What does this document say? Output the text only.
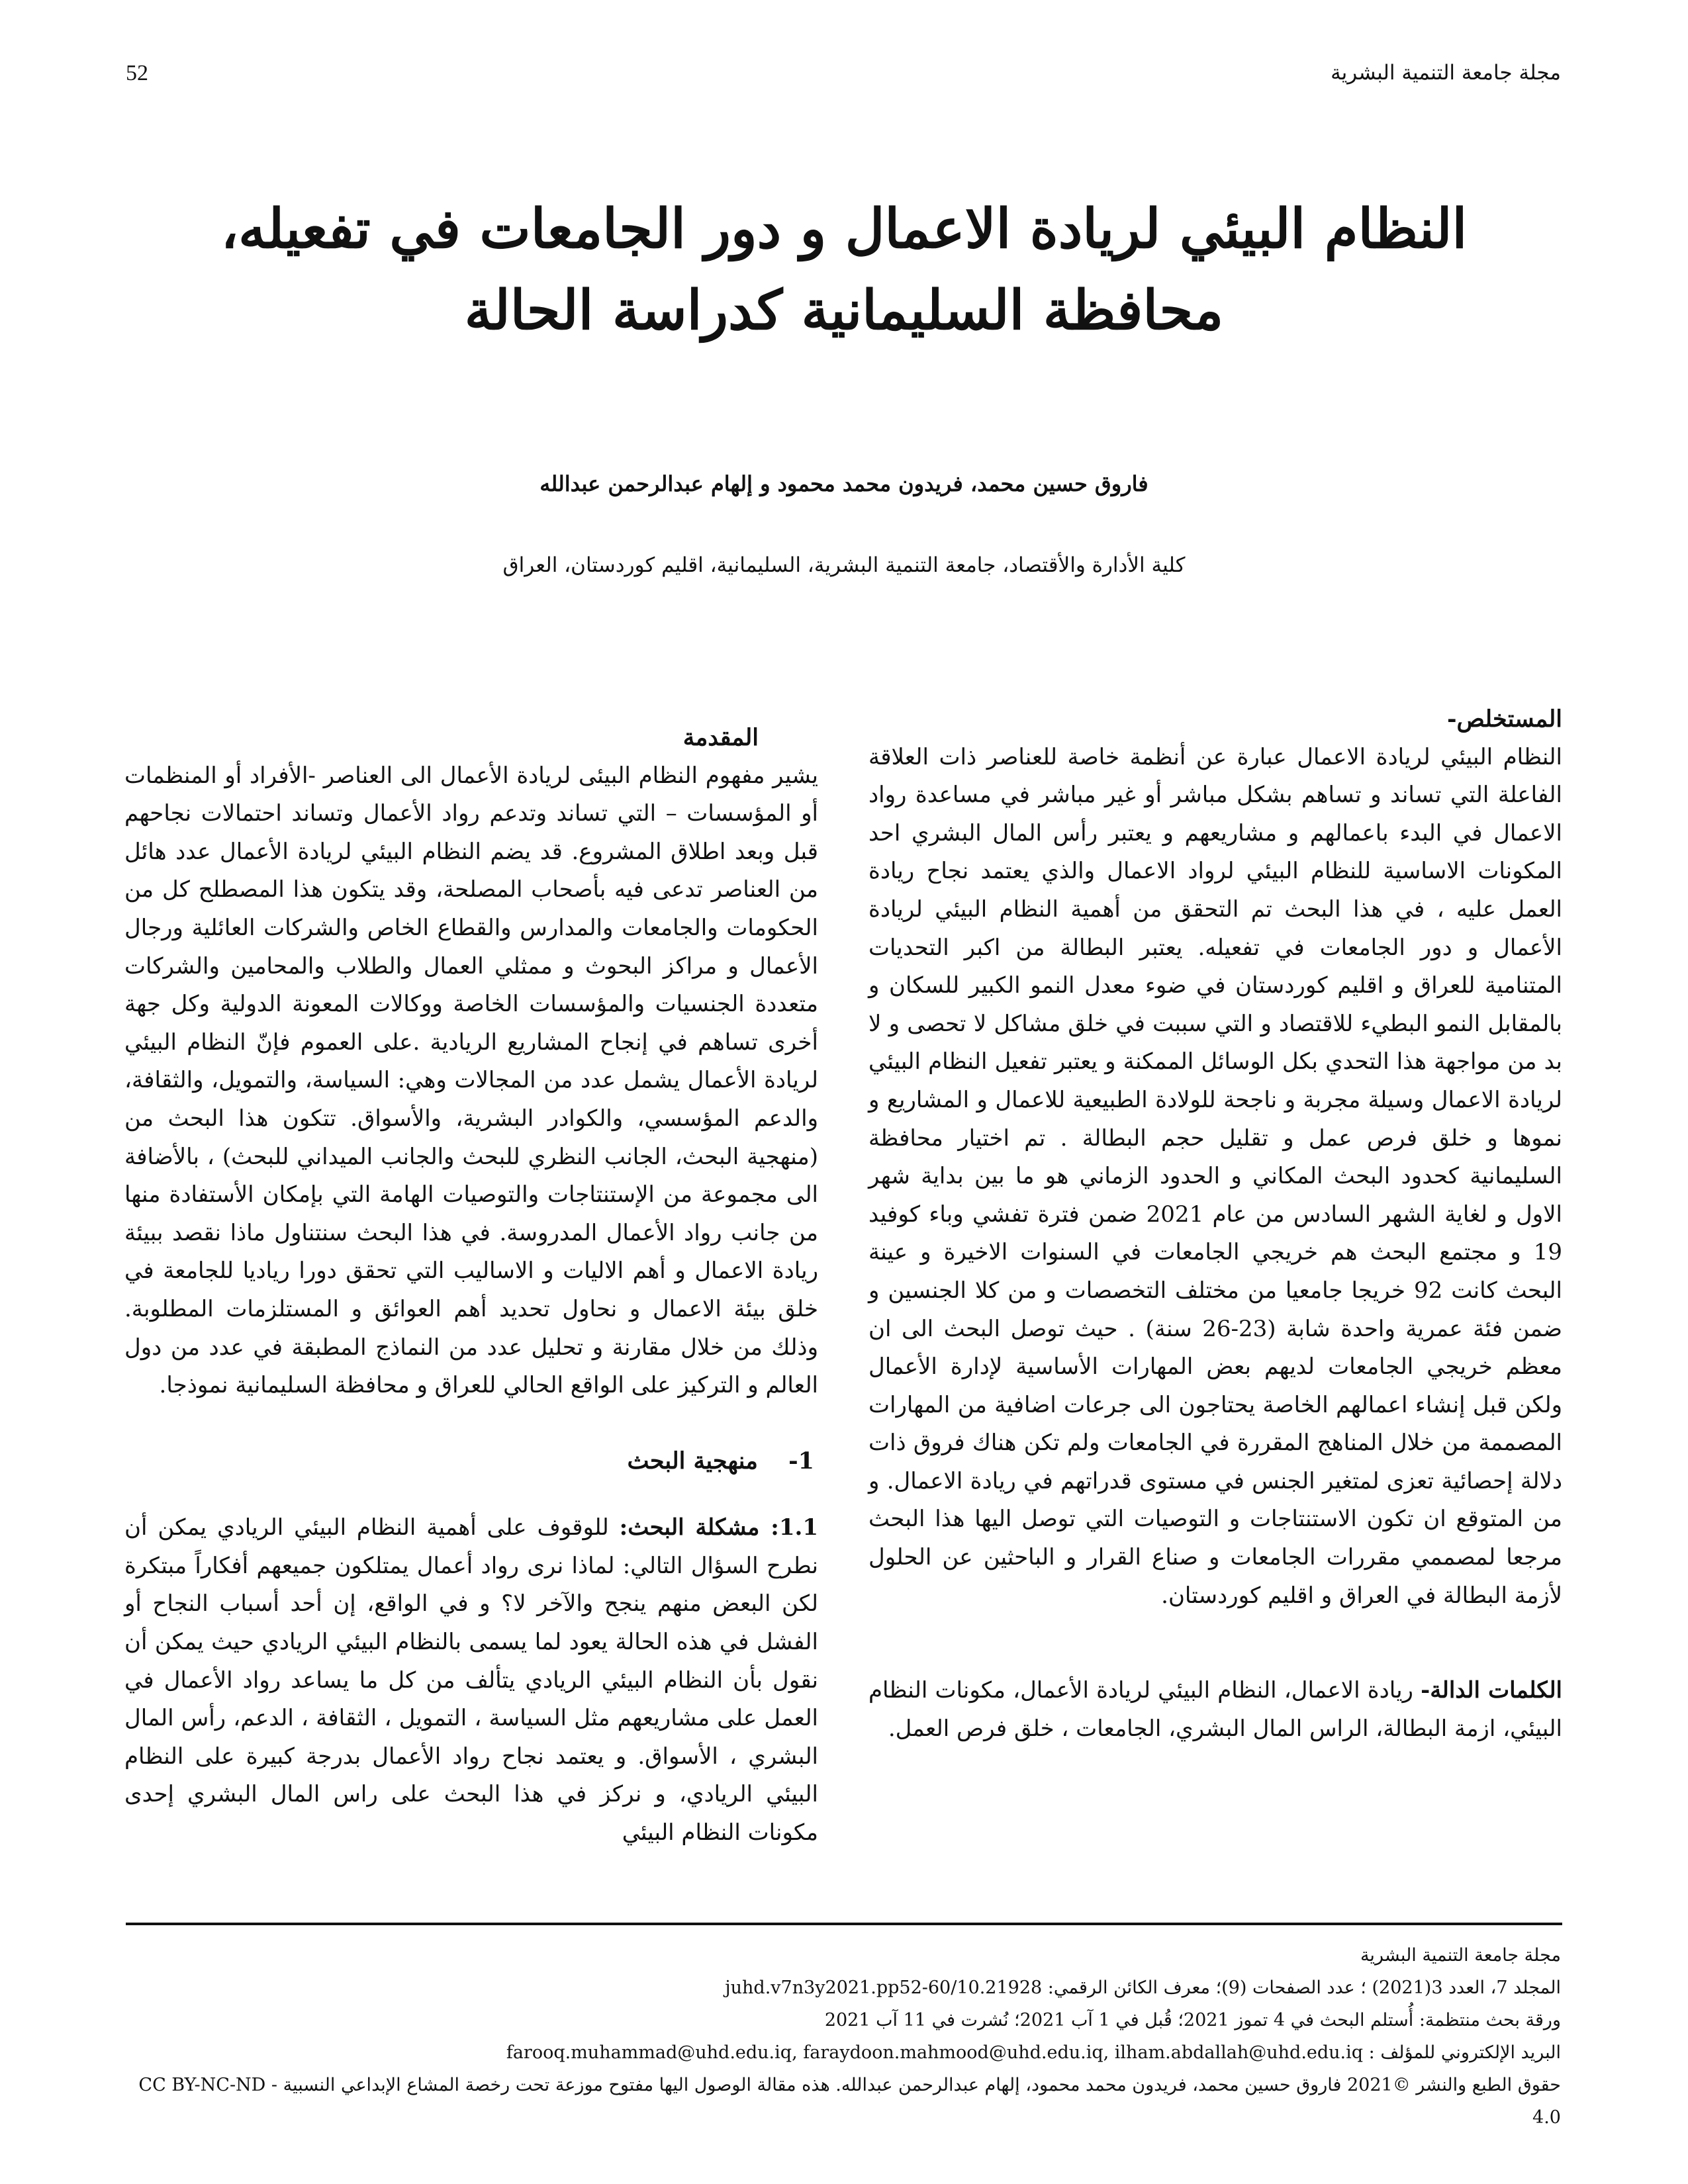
مجلة جامعة التنمية البشرية
52
النظام البيئي لريادة الاعمال و دور الجامعات في تفعيله،
محافظة السليمانية كدراسة الحالة
فاروق حسين محمد، فريدون محمد محمود و إلهام عبدالرحمن عبدالله
كلية الأدارة والأقتصاد، جامعة التنمية البشرية، السليمانية، اقليم كوردستان، العراق

المستخلص-

النظام البيئي لريادة الاعمال عبارة عن أنظمة خاصة للعناصر ذات العلاقة الفاعلة التي تساند و تساهم بشكل مباشر أو غير مباشر في مساعدة رواد الاعمال في البدء باعمالهم و مشاريعهم و يعتبر رأس المال البشري احد المكونات الاساسية للنظام البيئي لرواد الاعمال والذي يعتمد نجاح ريادة العمل عليه ، في هذا البحث تم التحقق من أهمية النظام البيئي لريادة الأعمال و دور الجامعات في تفعيله. يعتبر البطالة من اكبر التحديات المتنامية للعراق و اقليم كوردستان في ضوء معدل النمو الكبير للسكان و بالمقابل النمو البطيء للاقتصاد و التي سببت في خلق مشاكل لا تحصى و لا بد من مواجهة هذا التحدي بكل الوسائل الممكنة و يعتبر تفعيل النظام البيئي لريادة الاعمال وسيلة مجربة و ناجحة للولادة الطبيعية للاعمال و المشاريع و نموها و خلق فرص عمل و تقليل حجم البطالة . تم اختيار محافظة السليمانية كحدود البحث المكاني و الحدود الزماني هو ما بين بداية شهر الاول و لغاية الشهر السادس من عام 2021 ضمن فترة تفشي وباء كوفيد 19 و مجتمع البحث هم خريجي الجامعات في السنوات الاخيرة و عينة البحث كانت 92 خريجا جامعيا من مختلف التخصصات و من كلا الجنسين و ضمن فئة عمرية واحدة شابة (23-26 سنة) . حيث توصل البحث الى ان معظم خريجي الجامعات لديهم بعض المهارات الأساسية لإدارة الأعمال ولكن قبل إنشاء اعمالهم الخاصة يحتاجون الى جرعات اضافية من المهارات المصممة من خلال المناهج المقررة في الجامعات ولم تكن هناك فروق ذات دلالة إحصائية تعزى لمتغير الجنس في مستوى قدراتهم في ريادة الاعمال. و من المتوقع ان تكون الاستنتاجات و التوصيات التي توصل اليها هذا البحث مرجعا لمصممي مقررات الجامعات و صناع القرار و الباحثين عن الحلول لأزمة البطالة في العراق و اقليم كوردستان.

الكلمات الدالة- ريادة الاعمال، النظام البيئي لريادة الأعمال، مكونات النظام البيئي، ازمة البطالة، الراس المال البشري، الجامعات ، خلق فرص العمل.

المقدمة

يشير مفهوم النظام البيئى لريادة الأعمال الى العناصر -الأفراد أو المنظمات أو المؤسسات – التي تساند وتدعم رواد الأعمال وتساند احتمالات نجاحهم قبل وبعد اطلاق المشروع. قد يضم النظام البيئي لريادة الأعمال عدد هائل من العناصر تدعى فيه بأصحاب المصلحة، وقد يتكون هذا المصطلح كل من الحكومات والجامعات والمدارس والقطاع الخاص والشركات العائلية ورجال الأعمال و مراكز البحوث و ممثلي العمال والطلاب والمحامين والشركات متعددة الجنسيات والمؤسسات الخاصة ووكالات المعونة الدولية وكل جهة أخرى تساهم في إنجاح المشاريع الريادية .على العموم فإنّ النظام البيئي لريادة الأعمال يشمل عدد من المجالات وهي: السياسة، والتمويل، والثقافة، والدعم المؤسسي، والكوادر البشرية، والأسواق. تتكون هذا البحث من (منهجية البحث، الجانب النظري للبحث والجانب الميداني للبحث) ، بالأضافة الى مجموعة من الإستنتاجات والتوصيات الهامة التي بإمكان الأستفادة منها من جانب رواد الأعمال المدروسة. في هذا البحث سنتناول ماذا نقصد ببيئة ريادة الاعمال و أهم الاليات و الاساليب التي تحقق دورا رياديا للجامعة في خلق بيئة الاعمال و نحاول تحديد أهم العوائق و المستلزمات المطلوبة. وذلك من خلال مقارنة و تحليل عدد من النماذج المطبقة في عدد من دول العالم و التركيز على الواقع الحالي للعراق و محافظة السليمانية نموذجا.

1- منهجية البحث

1.1: مشكلة البحث: للوقوف على أهمية النظام البيئي الريادي يمكن أن نطرح السؤال التالي: لماذا نرى رواد أعمال يمتلكون جميعهم أفكاراً مبتكرة لكن البعض منهم ينجح والآخر لا؟ و في الواقع، إن أحد أسباب النجاح أو الفشل في هذه الحالة يعود لما يسمى بالنظام البيئي الريادي حيث يمكن أن نقول بأن النظام البيئي الريادي يتألف من كل ما يساعد رواد الأعمال في العمل على مشاريعهم مثل السياسة ، التمويل ، الثقافة ، الدعم، رأس المال البشري ، الأسواق. و يعتمد نجاح رواد الأعمال بدرجة كبيرة على النظام البيئي الريادي، و نركز في هذا البحث على راس المال البشري إحدى مكونات النظام البيئي

مجلة جامعة التنمية البشرية

المجلد 7، العدد 3(2021) ؛ عدد الصفحات (9)؛ معرف الكائن الرقمي: 10.21928/juhd.v7n3y2021.pp52-60

ورقة بحث منتظمة: أُستلم البحث في 4 تموز 2021؛ قُبل في 1 آب 2021؛ نُشرت في 11 آب 2021

البريد الإلكتروني للمؤلف : farooq.muhammad@uhd.edu.iq, faraydoon.mahmood@uhd.edu.iq, ilham.abdallah@uhd.edu.iq

حقوق الطبع والنشر ©2021 فاروق حسين محمد، فريدون محمد محمود، إلهام عبدالرحمن عبدالله. هذه مقالة الوصول اليها مفتوح موزعة تحت رخصة المشاع الإبداعي النسبية - CC BY-NC-ND 4.0
